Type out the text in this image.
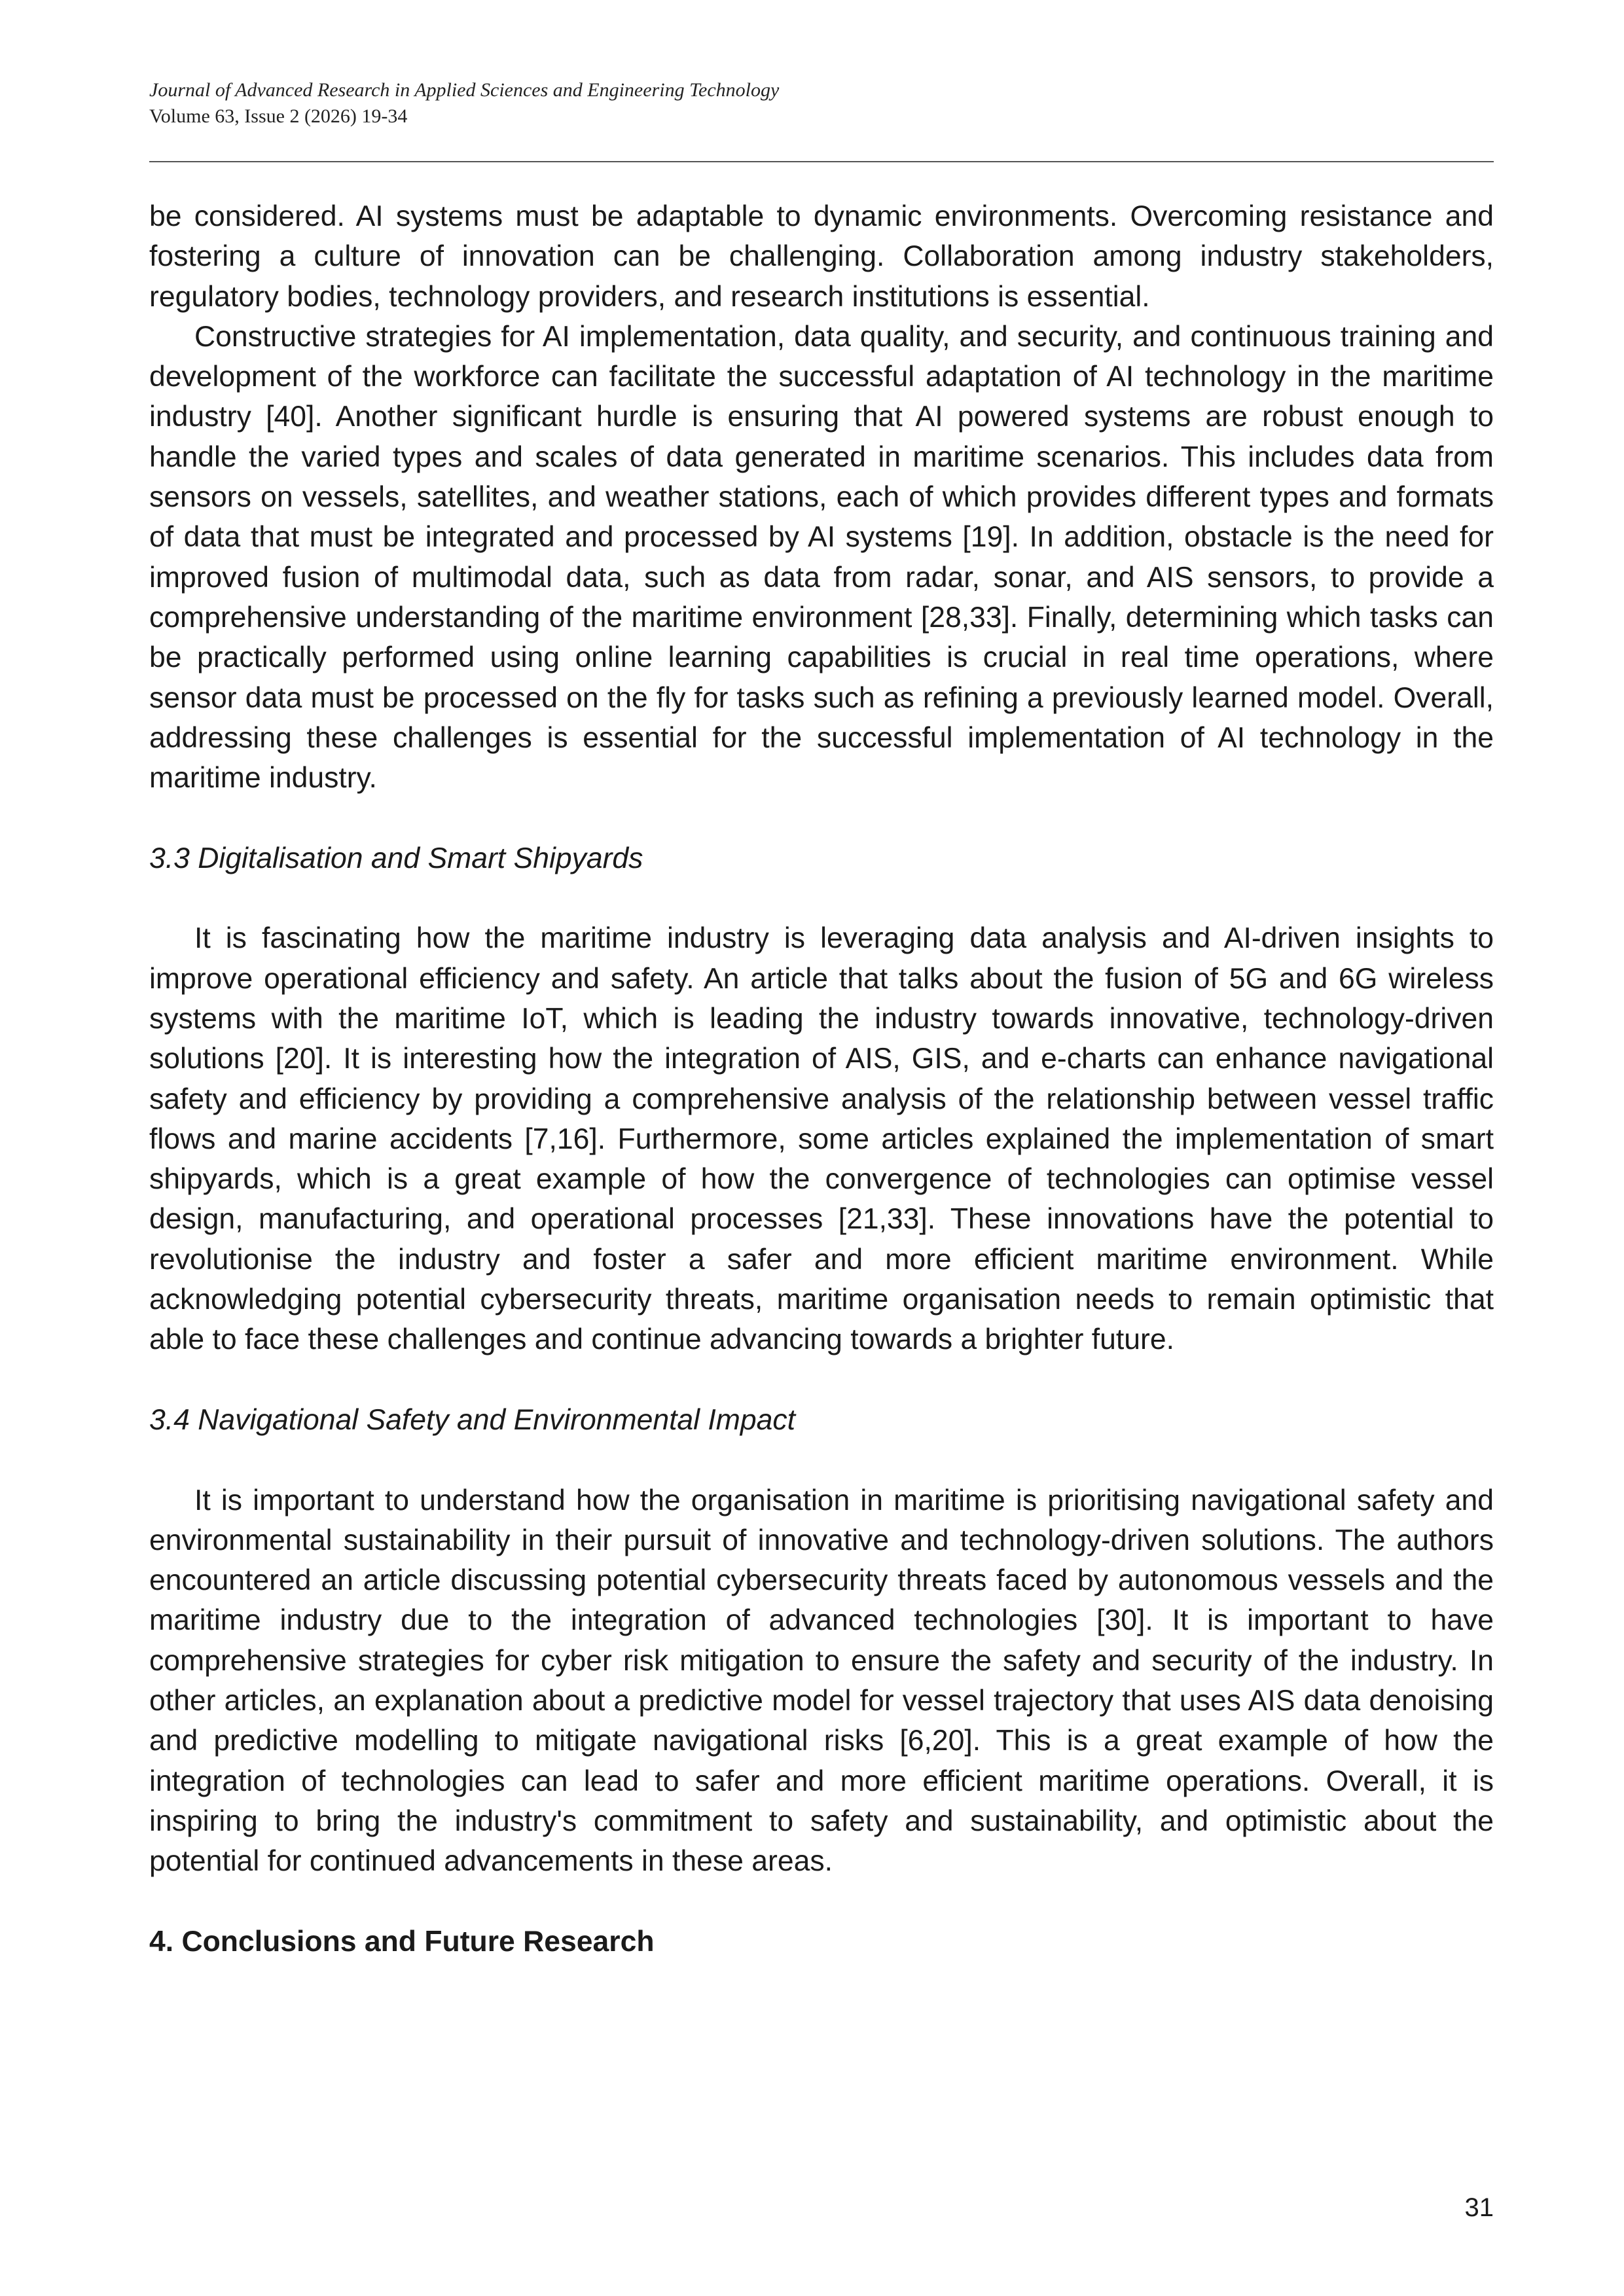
Journal of Advanced Research in Applied Sciences and Engineering Technology
Volume 63, Issue 2 (2026) 19-34

be considered. AI systems must be adaptable to dynamic environments. Overcoming resistance and fostering a culture of innovation can be challenging. Collaboration among industry stakeholders, regulatory bodies, technology providers, and research institutions is essential.

Constructive strategies for AI implementation, data quality, and security, and continuous training and development of the workforce can facilitate the successful adaptation of AI technology in the maritime industry [40]. Another significant hurdle is ensuring that AI powered systems are robust enough to handle the varied types and scales of data generated in maritime scenarios. This includes data from sensors on vessels, satellites, and weather stations, each of which provides different types and formats of data that must be integrated and processed by AI systems [19]. In addition, obstacle is the need for improved fusion of multimodal data, such as data from radar, sonar, and AIS sensors, to provide a comprehensive understanding of the maritime environment [28,33]. Finally, determining which tasks can be practically performed using online learning capabilities is crucial in real time operations, where sensor data must be processed on the fly for tasks such as refining a previously learned model. Overall, addressing these challenges is essential for the successful implementation of AI technology in the maritime industry.

3.3 Digitalisation and Smart Shipyards

It is fascinating how the maritime industry is leveraging data analysis and AI-driven insights to improve operational efficiency and safety. An article that talks about the fusion of 5G and 6G wireless systems with the maritime IoT, which is leading the industry towards innovative, technology-driven solutions [20]. It is interesting how the integration of AIS, GIS, and e-charts can enhance navigational safety and efficiency by providing a comprehensive analysis of the relationship between vessel traffic flows and marine accidents [7,16]. Furthermore, some articles explained the implementation of smart shipyards, which is a great example of how the convergence of technologies can optimise vessel design, manufacturing, and operational processes [21,33]. These innovations have the potential to revolutionise the industry and foster a safer and more efficient maritime environment. While acknowledging potential cybersecurity threats, maritime organisation needs to remain optimistic that able to face these challenges and continue advancing towards a brighter future.

3.4 Navigational Safety and Environmental Impact

It is important to understand how the organisation in maritime is prioritising navigational safety and environmental sustainability in their pursuit of innovative and technology-driven solutions. The authors encountered an article discussing potential cybersecurity threats faced by autonomous vessels and the maritime industry due to the integration of advanced technologies [30]. It is important to have comprehensive strategies for cyber risk mitigation to ensure the safety and security of the industry. In other articles, an explanation about a predictive model for vessel trajectory that uses AIS data denoising and predictive modelling to mitigate navigational risks [6,20]. This is a great example of how the integration of technologies can lead to safer and more efficient maritime operations. Overall, it is inspiring to bring the industry's commitment to safety and sustainability, and optimistic about the potential for continued advancements in these areas.

4. Conclusions and Future Research
31
